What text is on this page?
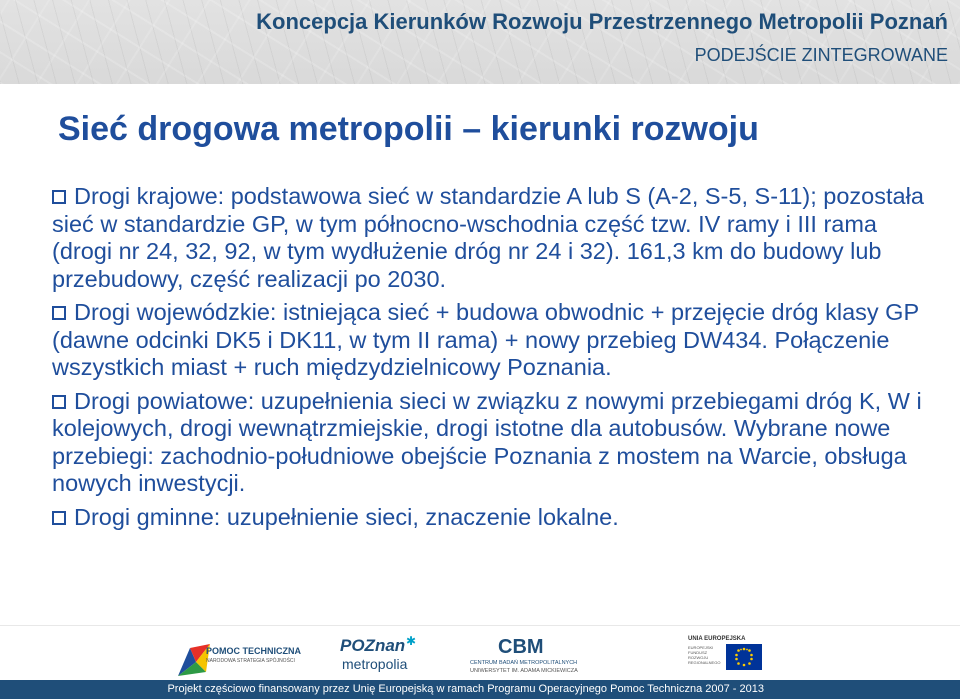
Koncepcja Kierunków Rozwoju Przestrzennego Metropolii Poznań
PODEJŚCIE ZINTEGROWANE
Sieć drogowa metropolii – kierunki rozwoju
Drogi krajowe: podstawowa sieć w standardzie A lub S (A-2, S-5, S-11); pozostała sieć w standardzie GP, w tym północno-wschodnia część tzw. IV ramy i III rama (drogi nr 24, 32, 92, w tym wydłużenie dróg nr 24 i 32). 161,3 km do budowy lub przebudowy, część realizacji po 2030.
Drogi wojewódzkie: istniejąca sieć + budowa obwodnic + przejęcie dróg klasy GP (dawne odcinki DK5 i DK11, w tym II rama) + nowy przebieg DW434. Połączenie wszystkich miast + ruch międzydzielnicowy Poznania.
Drogi powiatowe: uzupełnienia sieci w związku z nowymi przebiegami dróg K, W i kolejowych, drogi wewnątrzmiejskie, drogi istotne dla autobusów. Wybrane nowe przebiegi: zachodnio-południowe obejście Poznania z mostem na Warcie, obsługa nowych inwestycji.
Drogi gminne: uzupełnienie sieci, znaczenie lokalne.
POMOC TECHNICZNA
NARODOWA STRATEGIA SPÓJNOŚCI
POZnan ✱
metropolia
CBM
CENTRUM BADAŃ METROPOLITALNYCH
UNIWERSYTET IM. ADAMA MICKIEWICZA
UNIA EUROPEJSKA
EUROPEJSKI FUNDUSZ ROZWOJU REGIONALNEGO
Projekt częściowo finansowany przez Unię Europejską w ramach Programu Operacyjnego Pomoc Techniczna 2007 - 2013
